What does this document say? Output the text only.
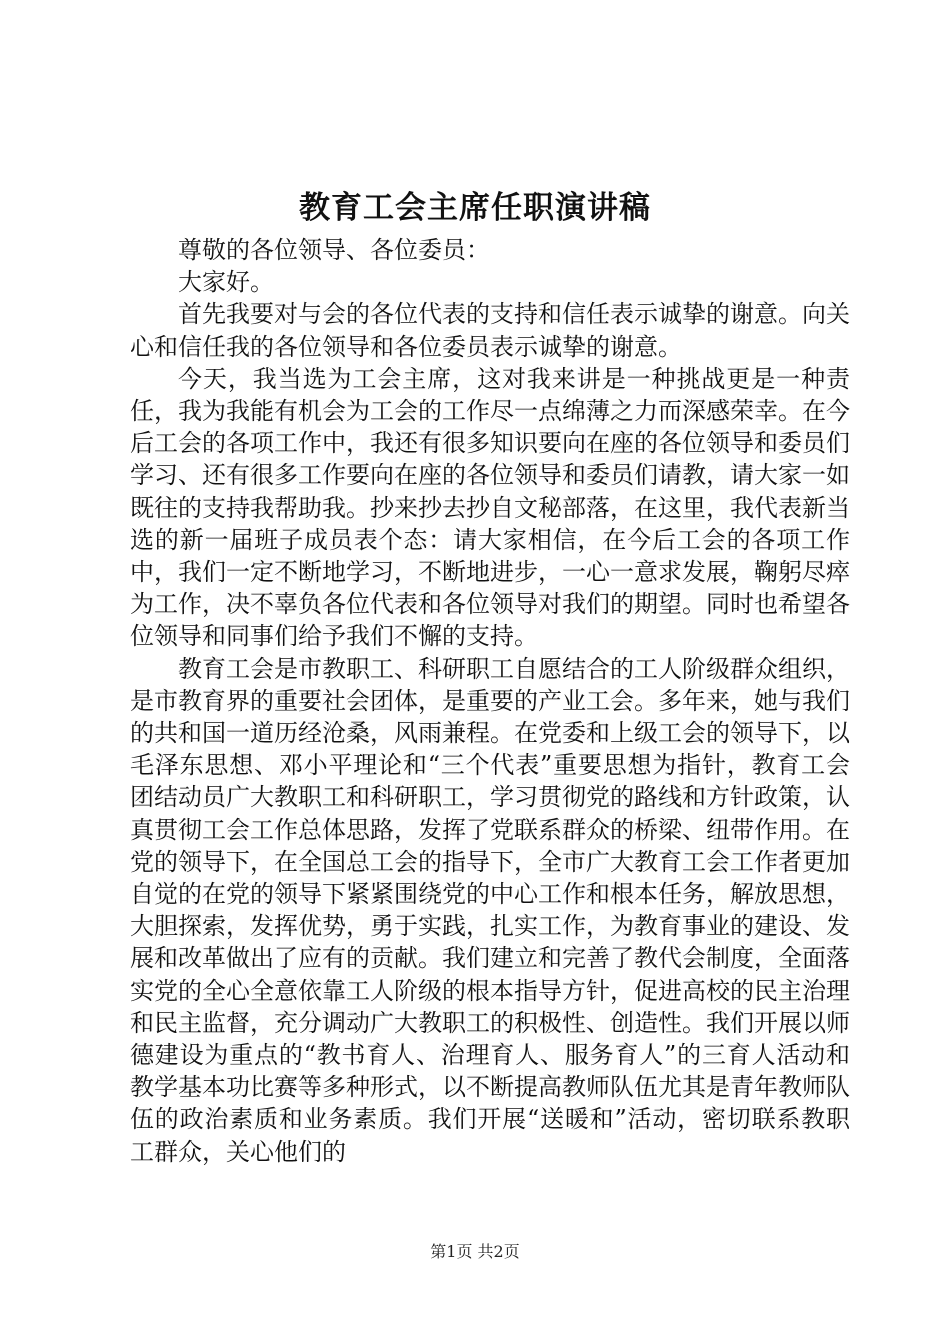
教育工会主席任职演讲稿

尊敬的各位领导、各位委员：

大家好。

首先我要对与会的各位代表的支持和信任表示诚挚的谢意。向关心和信任我的各位领导和各位委员表示诚挚的谢意。

今天，我当选为工会主席，这对我来讲是一种挑战更是一种责任，我为我能有机会为工会的工作尽一点绵薄之力而深感荣幸。在今后工会的各项工作中，我还有很多知识要向在座的各位领导和委员们学习、还有很多工作要向在座的各位领导和委员们请教，请大家一如既往的支持我帮助我。抄来抄去抄自文秘部落，在这里，我代表新当选的新一届班子成员表个态：请大家相信，在今后工会的各项工作中，我们一定不断地学习，不断地进步，一心一意求发展，鞠躬尽瘁为工作，决不辜负各位代表和各位领导对我们的期望。同时也希望各位领导和同事们给予我们不懈的支持。

教育工会是市教职工、科研职工自愿结合的工人阶级群众组织，是市教育界的重要社会团体，是重要的产业工会。多年来，她与我们的共和国一道历经沧桑，风雨兼程。在党委和上级工会的领导下，以毛泽东思想、邓小平理论和“三个代表”重要思想为指针，教育工会团结动员广大教职工和科研职工，学习贯彻党的路线和方针政策，认真贯彻工会工作总体思路，发挥了党联系群众的桥梁、纽带作用。在党的领导下，在全国总工会的指导下，全市广大教育工会工作者更加自觉的在党的领导下紧紧围绕党的中心工作和根本任务，解放思想，大胆探索，发挥优势，勇于实践，扎实工作，为教育事业的建设、发展和改革做出了应有的贡献。我们建立和完善了教代会制度，全面落实党的全心全意依靠工人阶级的根本指导方针，促进高校的民主治理和民主监督，充分调动广大教职工的积极性、创造性。我们开展以师德建设为重点的“教书育人、治理育人、服务育人”的三育人活动和教学基本功比赛等多种形式，以不断提高教师队伍尤其是青年教师队伍的政治素质和业务素质。我们开展“送暖和”活动，密切联系教职工群众，关心他们的

第1页 共2页
